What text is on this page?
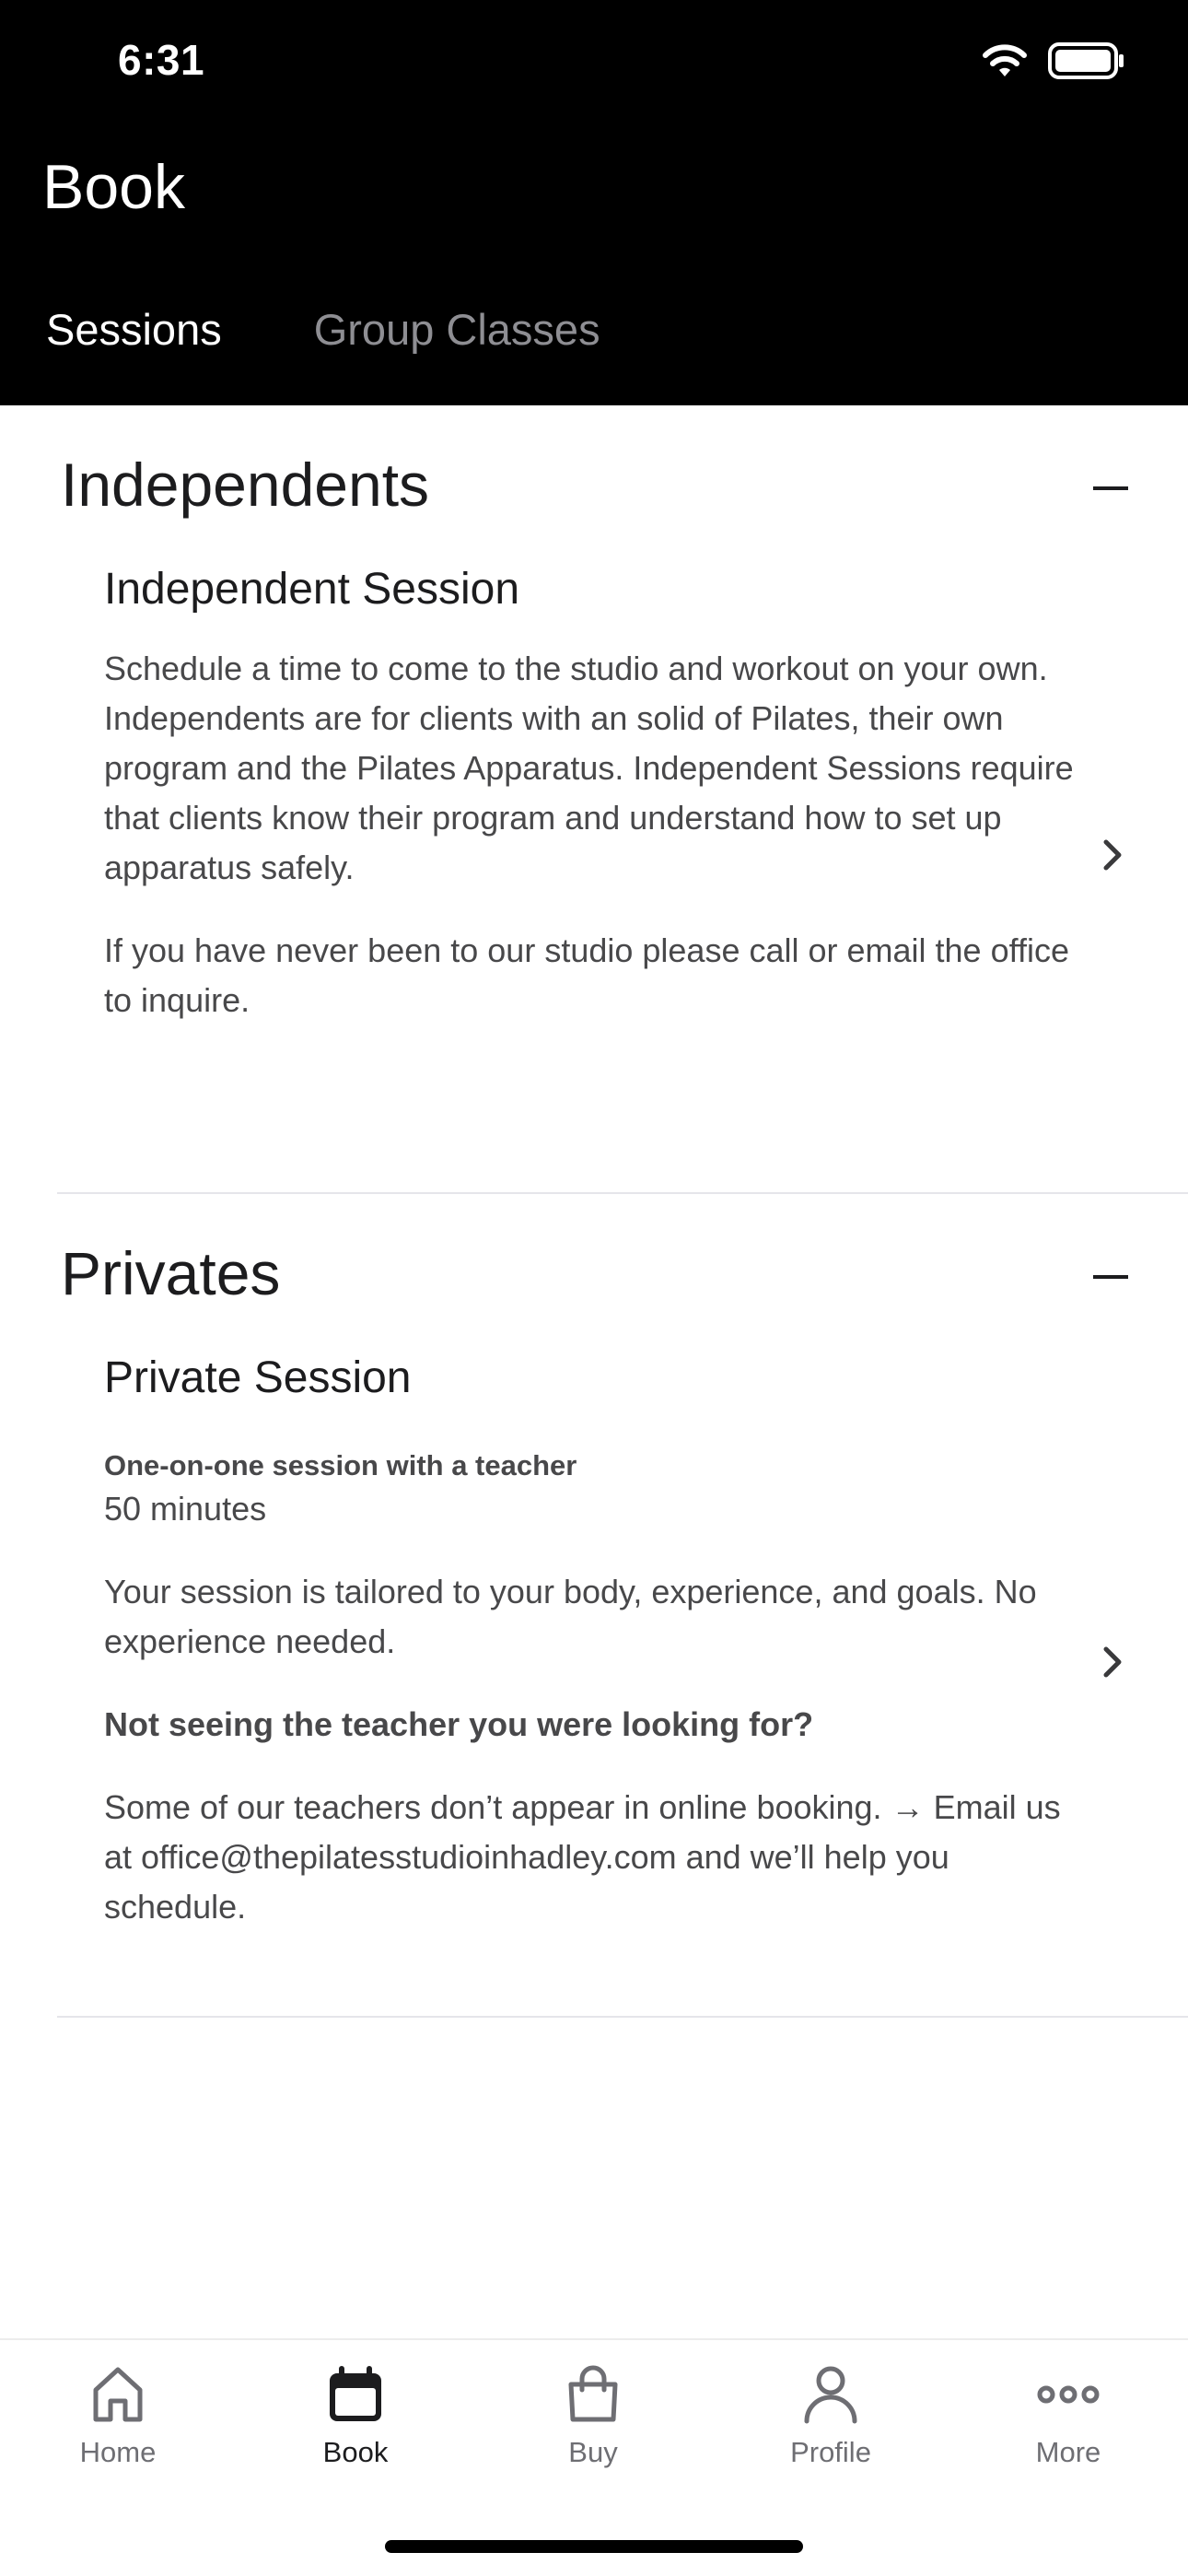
6:31
Book
Sessions Group Classes
Independents
Independent Session
Schedule a time to come to the studio and workout on your own. Independents are for clients with an solid of Pilates, their own program and the Pilates Apparatus. Independent Sessions require that clients know their program and understand how to set up apparatus safely.
If you have never been to our studio please call or email the office to inquire.
Privates
Private Session
One-on-one session with a teacher
50 minutes
Your session is tailored to your body, experience, and goals. No experience needed.
Not seeing the teacher you were looking for?
Some of our teachers don’t appear in online booking. → Email us at office@thepilatesstudioinhadley.com and we’ll help you schedule.
Home	Book	Buy	Profile	More
